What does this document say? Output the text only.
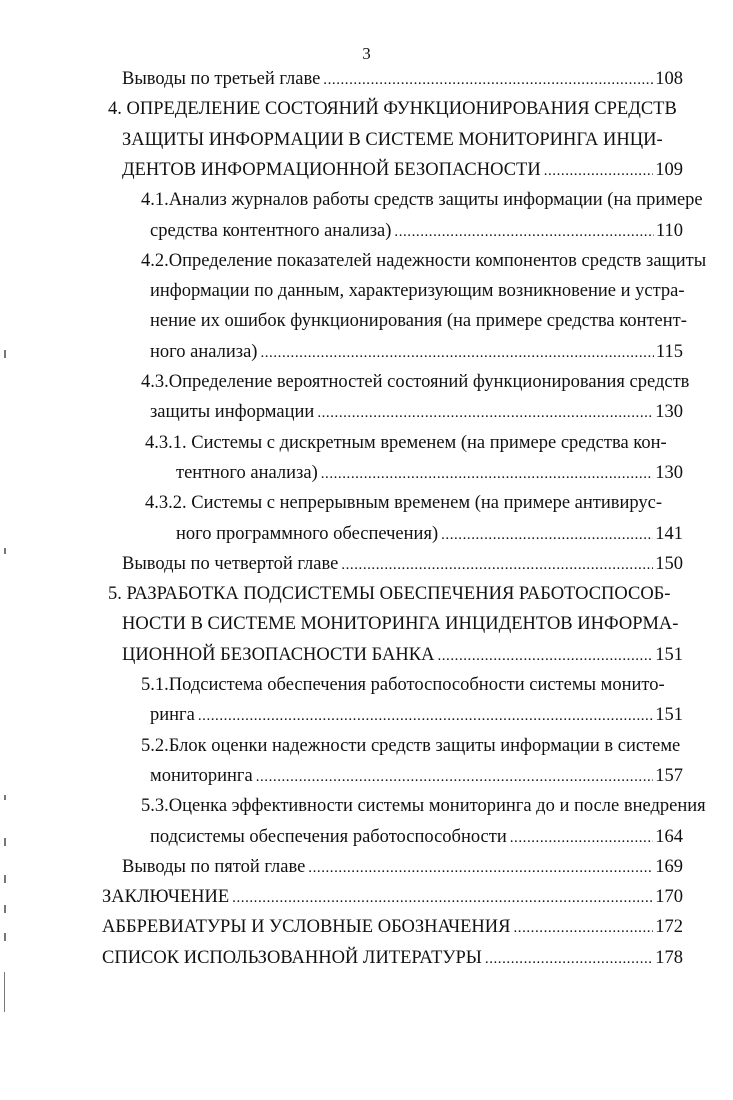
3
Выводы по третьей главе . . .	108
4. ОПРЕДЕЛЕНИЕ СОСТОЯНИЙ ФУНКЦИОНИРОВАНИЯ СРЕДСТВ
ЗАЩИТЫ ИНФОРМАЦИИ В СИСТЕМЕ МОНИТОРИНГА ИНЦИ-
ДЕНТОВ ИНФОРМАЦИОННОЙ БЕЗОПАСНОСТИ . . .	109
4.1.Анализ журналов работы средств защиты информации (на примере
средства контентного анализа) . . .	110
4.2.Определение показателей надежности компонентов средств защиты
информации по данным, характеризующим возникновение и устра-
нение их ошибок функционирования (на примере средства контент-
ного анализа) . . .	115
4.3.Определение вероятностей состояний функционирования средств
защиты информации . . .	130
4.3.1. Системы с дискретным временем (на примере средства кон-
тентного анализа) . . .	130
4.3.2. Системы с непрерывным временем (на примере антивирус-
ного программного обеспечения) . . .	141
Выводы по четвертой главе . . .	150
5. РАЗРАБОТКА ПОДСИСТЕМЫ ОБЕСПЕЧЕНИЯ РАБОТОСПОСОБ-
НОСТИ В СИСТЕМЕ МОНИТОРИНГА ИНЦИДЕНТОВ ИНФОРМА-
ЦИОННОЙ БЕЗОПАСНОСТИ БАНКА . . .	151
5.1.Подсистема обеспечения работоспособности системы монито-
ринга . . .	151
5.2.Блок оценки надежности средств защиты информации в системе
мониторинга . . .	157
5.3.Оценка эффективности системы мониторинга до и после внедрения
подсистемы обеспечения работоспособности . . .	164
Выводы по пятой главе . . .	169
ЗАКЛЮЧЕНИЕ . . .	170
АББРЕВИАТУРЫ И УСЛОВНЫЕ ОБОЗНАЧЕНИЯ . . .	172
СПИСОК ИСПОЛЬЗОВАННОЙ ЛИТЕРАТУРЫ . . .	178
